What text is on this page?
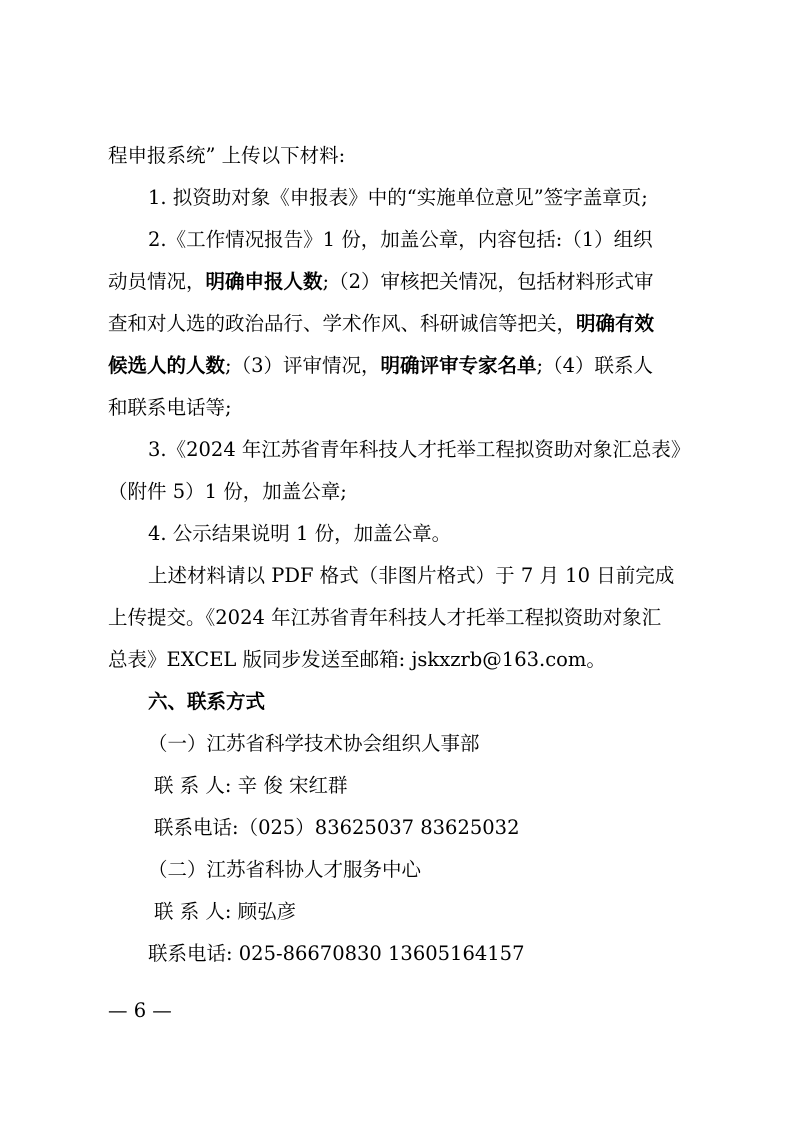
程申报系统” 上传以下材料:
1. 拟资助对象《申报表》中的“实施单位意见”签字盖章页;
2.《工作情况报告》1 份，加盖公章，内容包括:（1）组织
动员情况，明确申报人数;（2）审核把关情况，包括材料形式审
查和对人选的政治品行、学术作风、科研诚信等把关，明确有效
候选人的人数;（3）评审情况，明确评审专家名单;（4）联系人
和联系电话等;
3.《2024 年江苏省青年科技人才托举工程拟资助对象汇总表》
（附件 5）1 份，加盖公章;
4. 公示结果说明 1 份，加盖公章。
上述材料请以 PDF 格式（非图片格式）于 7 月 10 日前完成
上传提交。《2024 年江苏省青年科技人才托举工程拟资助对象汇
总表》EXCEL 版同步发送至邮箱: jskxzrb@163.com。
六、联系方式
（一）江苏省科学技术协会组织人事部
联 系 人: 辛 俊 宋红群
联系电话:（025）83625037 83625032
（二）江苏省科协人才服务中心
联 系 人: 顾弘彦
联系电话: 025-86670830 13605164157
— 6 —
